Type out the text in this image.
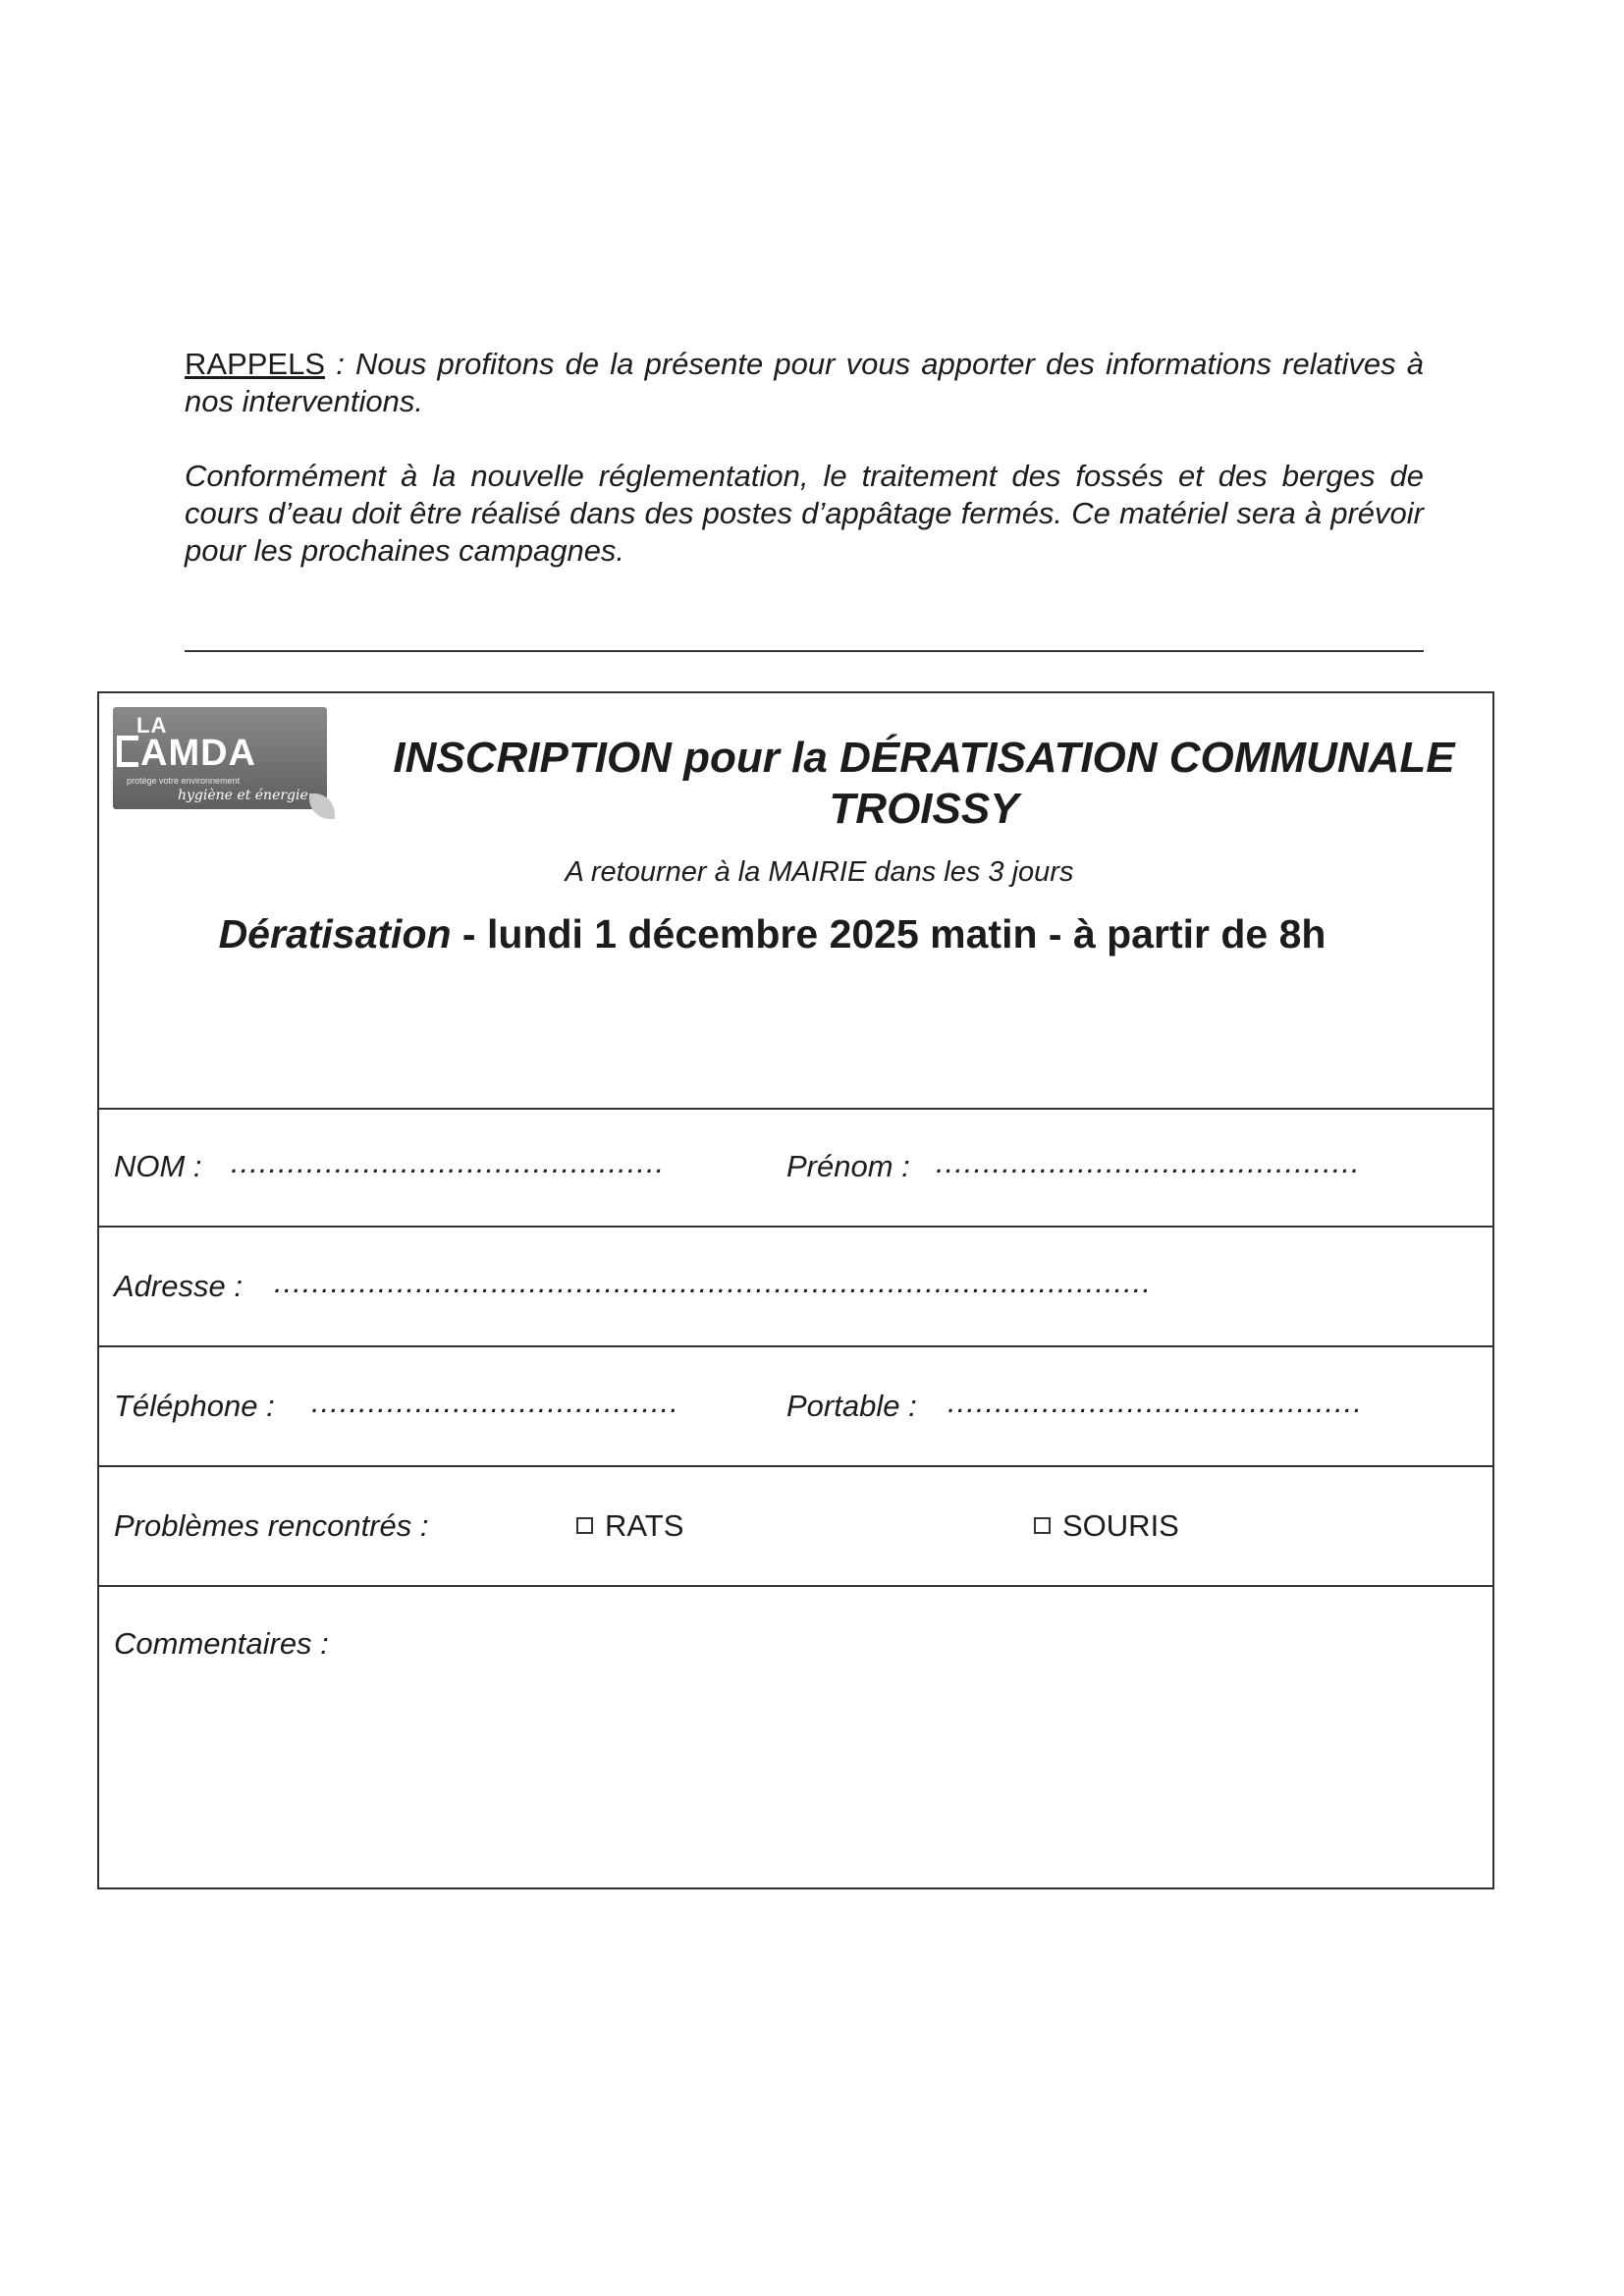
RAPPELS : Nous profitons de la présente pour vous apporter des informations relatives à nos interventions.

Conformément à la nouvelle réglementation, le traitement des fossés et des berges de cours d’eau doit être réalisé dans des postes d’appâtage fermés. Ce matériel sera à prévoir pour les prochaines campagnes.

LA
AMDA
protège votre environnement
hygiène et énergie
INSCRIPTION pour la DÉRATISATION COMMUNALE
TROISSY
A retourner à la MAIRIE dans les 3 jours
Dératisation - lundi 1 décembre 2025 matin - à partir de 8h
NOM : ..............................................	Prénom : .............................................
Adresse : .............................................................................................
Téléphone : .......................................	Portable : ............................................
Problèmes rencontrés :	RATS	SOURIS
Commentaires :
